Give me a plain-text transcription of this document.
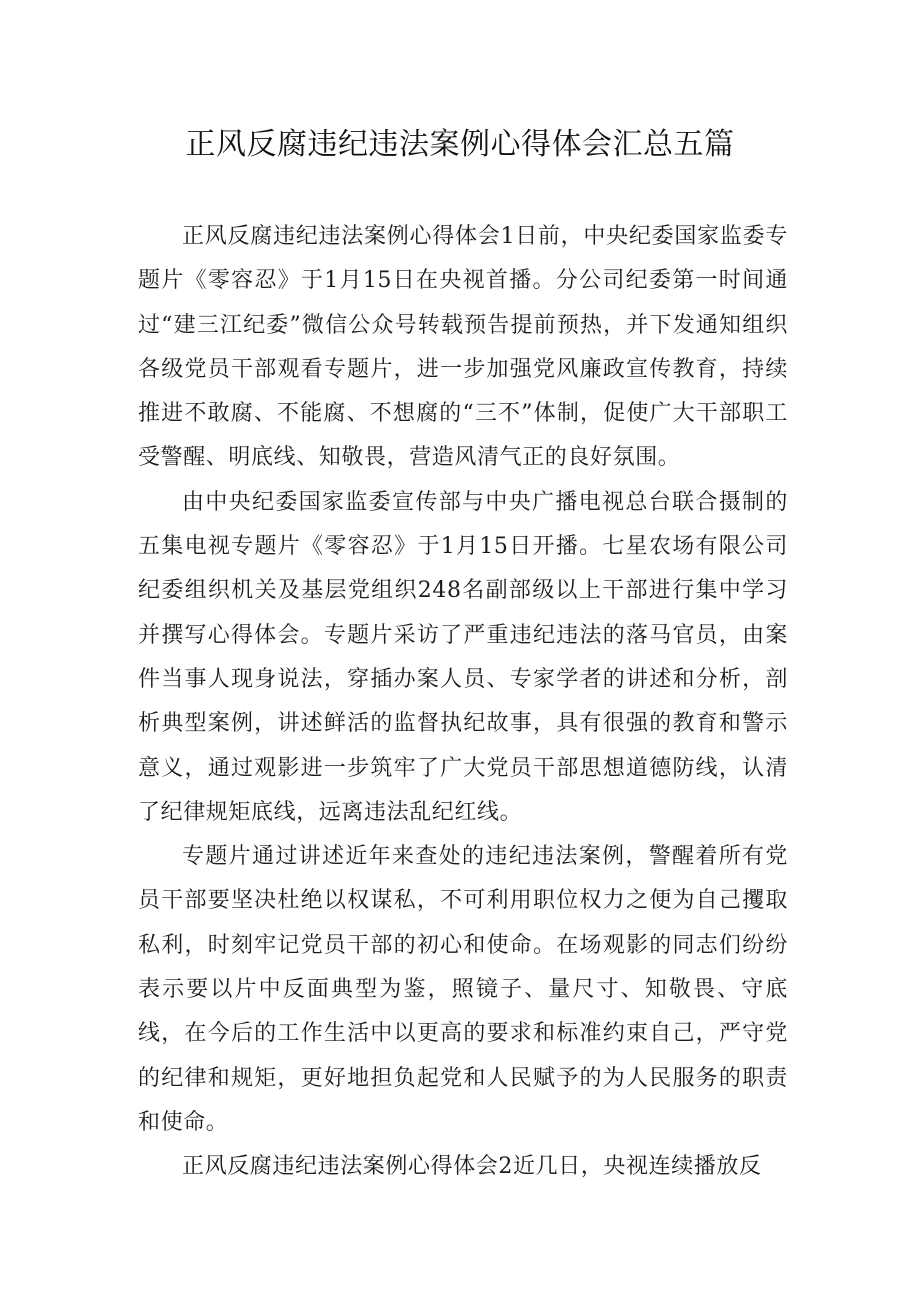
正风反腐违纪违法案例心得体会汇总五篇

正风反腐违纪违法案例心得体会1日前，中央纪委国家监委专题片《零容忍》于1月15日在央视首播。分公司纪委第一时间通过“建三江纪委”微信公众号转载预告提前预热，并下发通知组织各级党员干部观看专题片，进一步加强党风廉政宣传教育，持续推进不敢腐、不能腐、不想腐的“三不”体制，促使广大干部职工受警醒、明底线、知敬畏，营造风清气正的良好氛围。

由中央纪委国家监委宣传部与中央广播电视总台联合摄制的五集电视专题片《零容忍》于1月15日开播。七星农场有限公司纪委组织机关及基层党组织248名副部级以上干部进行集中学习并撰写心得体会。专题片采访了严重违纪违法的落马官员，由案件当事人现身说法，穿插办案人员、专家学者的讲述和分析，剖析典型案例，讲述鲜活的监督执纪故事，具有很强的教育和警示意义，通过观影进一步筑牢了广大党员干部思想道德防线，认清了纪律规矩底线，远离违法乱纪红线。

专题片通过讲述近年来查处的违纪违法案例，警醒着所有党员干部要坚决杜绝以权谋私，不可利用职位权力之便为自己攫取私利，时刻牢记党员干部的初心和使命。在场观影的同志们纷纷表示要以片中反面典型为鉴，照镜子、量尺寸、知敬畏、守底线，在今后的工作生活中以更高的要求和标准约束自己，严守党的纪律和规矩，更好地担负起党和人民赋予的为人民服务的职责和使命。

正风反腐违纪违法案例心得体会2近几日，央视连续播放反
